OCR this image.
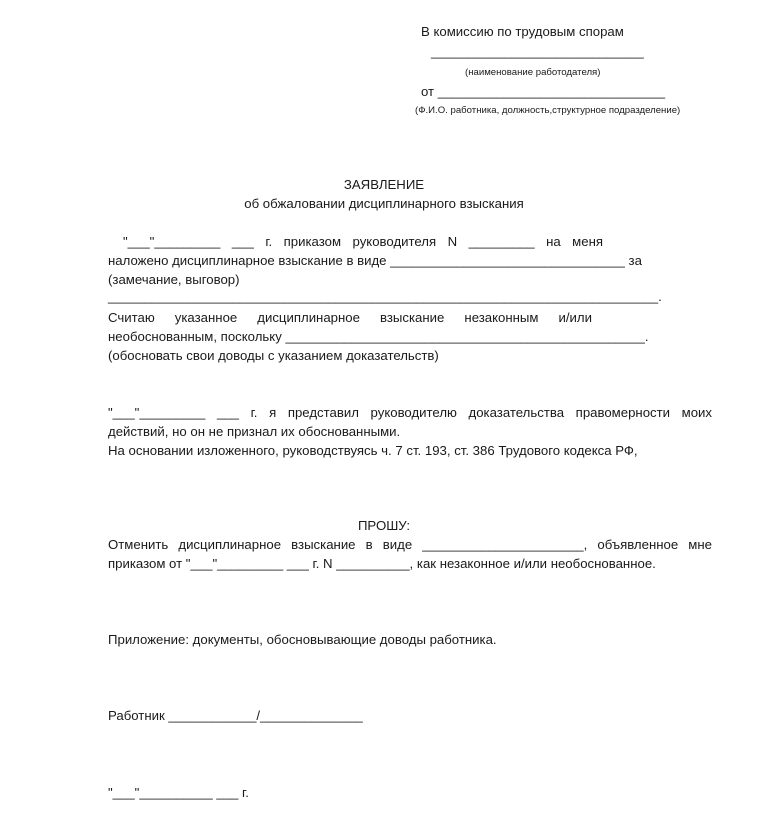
В комиссию по трудовым спорам
_____________________________
(наименование работодателя)
от _______________________________
(Ф.И.О. работника, должность,структурное подразделение)
ЗАЯВЛЕНИЕ
об обжаловании дисциплинарного взыскания
"___"_________ ___ г. приказом руководителя N _________ на меня
наложено дисциплинарное взыскание в виде ________________________________ за
(замечание, выговор)
___________________________________________________________________________.
Считаю указанное дисциплинарное взыскание незаконным и/или
необоснованным, поскольку _________________________________________________.
(обосновать свои доводы с указанием доказательств)
"___"_________ ___ г. я представил руководителю доказательства правомерности моих
действий, но он не признал их обоснованными.
На основании изложенного, руководствуясь ч. 7 ст. 193, ст. 386 Трудового кодекса РФ,
ПРОШУ:
Отменить дисциплинарное взыскание в виде ______________________, объявленное мне
приказом от "___"_________ ___ г. N __________, как незаконное и/или необоснованное.
Приложение: документы, обосновывающие доводы работника.
Работник ____________/______________
"___"__________ ___ г.
